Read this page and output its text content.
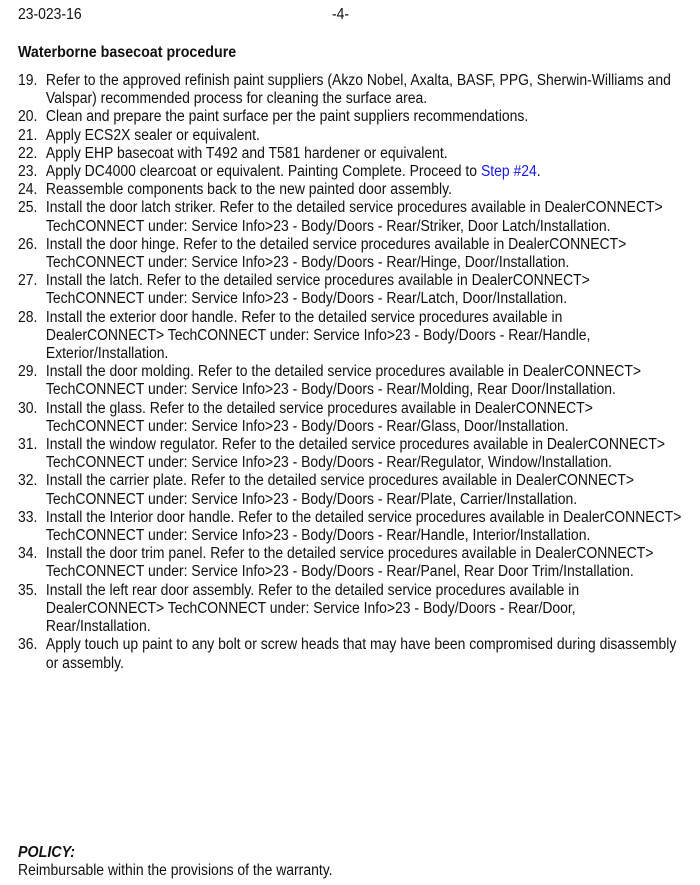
23-023-16	-4-
Waterborne basecoat procedure
19. Refer to the approved refinish paint suppliers (Akzo Nobel, Axalta, BASF, PPG, Sherwin-Williams and Valspar) recommended process for cleaning the surface area.
20. Clean and prepare the paint surface per the paint suppliers recommendations.
21. Apply ECS2X sealer or equivalent.
22. Apply EHP basecoat with T492 and T581 hardener or equivalent.
23. Apply DC4000 clearcoat or equivalent. Painting Complete. Proceed to Step #24.
24. Reassemble components back to the new painted door assembly.
25. Install the door latch striker. Refer to the detailed service procedures available in DealerCONNECT> TechCONNECT under: Service Info>23 - Body/Doors - Rear/Striker, Door Latch/Installation.
26. Install the door hinge. Refer to the detailed service procedures available in DealerCONNECT> TechCONNECT under: Service Info>23 - Body/Doors - Rear/Hinge, Door/Installation.
27. Install the latch. Refer to the detailed service procedures available in DealerCONNECT> TechCONNECT under: Service Info>23 - Body/Doors - Rear/Latch, Door/Installation.
28. Install the exterior door handle. Refer to the detailed service procedures available in DealerCONNECT> TechCONNECT under: Service Info>23 - Body/Doors - Rear/Handle, Exterior/Installation.
29. Install the door molding. Refer to the detailed service procedures available in DealerCONNECT> TechCONNECT under: Service Info>23 - Body/Doors - Rear/Molding, Rear Door/Installation.
30. Install the glass. Refer to the detailed service procedures available in DealerCONNECT> TechCONNECT under: Service Info>23 - Body/Doors - Rear/Glass, Door/Installation.
31. Install the window regulator. Refer to the detailed service procedures available in DealerCONNECT> TechCONNECT under: Service Info>23 - Body/Doors - Rear/Regulator, Window/Installation.
32. Install the carrier plate. Refer to the detailed service procedures available in DealerCONNECT> TechCONNECT under: Service Info>23 - Body/Doors - Rear/Plate, Carrier/Installation.
33. Install the Interior door handle. Refer to the detailed service procedures available in DealerCONNECT> TechCONNECT under: Service Info>23 - Body/Doors - Rear/Handle, Interior/Installation.
34. Install the door trim panel. Refer to the detailed service procedures available in DealerCONNECT> TechCONNECT under: Service Info>23 - Body/Doors - Rear/Panel, Rear Door Trim/Installation.
35. Install the left rear door assembly. Refer to the detailed service procedures available in DealerCONNECT> TechCONNECT under: Service Info>23 - Body/Doors - Rear/Door, Rear/Installation.
36. Apply touch up paint to any bolt or screw heads that may have been compromised during disassembly or assembly.
POLICY:
Reimbursable within the provisions of the warranty.
